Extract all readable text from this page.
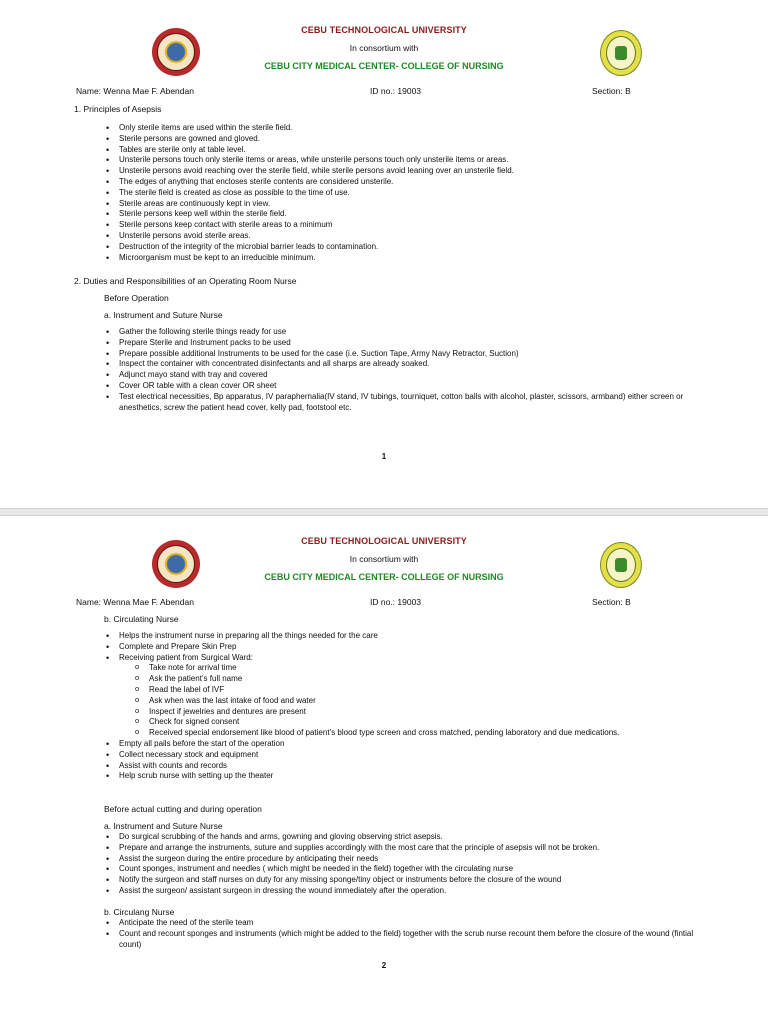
CEBU TECHNOLOGICAL UNIVERSITY
In consortium with
CEBU CITY MEDICAL CENTER- COLLEGE OF NURSING
Name: Wenna Mae F. Abendan	ID no.: 19003	Section: B
1. Principles of Asepsis
• Only sterile items are used within the sterile field.
• Sterile persons are gowned and gloved.
• Tables are sterile only at table level.
• Unsterile persons touch only sterile items or areas, while unsterile persons touch only unsterile items or areas.
• Unsterile persons avoid reaching over the sterile field, while sterile persons avoid leaning over an unsterile field.
• The edges of anything that encloses sterile contents are considered unsterile.
• The sterile field is created as close as possible to the time of use.
• Sterile areas are continuously kept in view.
• Sterile persons keep well within the sterile field.
• Sterile persons keep contact with sterile areas to a minimum
• Unsterile persons avoid sterile areas.
• Destruction of the integrity of the microbial barrier leads to contamination.
• Microorganism must be kept to an irreducible minimum.
2. Duties and Responsibilities of an Operating Room Nurse
Before Operation
a. Instrument and Suture Nurse
• Gather the following sterile things ready for use
• Prepare Sterile and Instrument packs to be used
• Prepare possible additional Instruments to be used for the case (i.e. Suction Tape, Army Navy Retractor, Suction)
• Inspect the container with concentrated disinfectants and all sharps are already soaked.
• Adjunct mayo stand with tray and covered
• Cover OR table with a clean cover OR sheet
• Test electrical necessities, Bp apparatus, IV paraphernalia(IV stand, IV tubings, tourniquet, cotton balls with alcohol, plaster, scissors, armband) either screen or anesthetics, screw the patient head cover, kelly pad, footstool etc.
1
CEBU TECHNOLOGICAL UNIVERSITY
In consortium with
CEBU CITY MEDICAL CENTER- COLLEGE OF NURSING
Name: Wenna Mae F. Abendan	ID no.: 19003	Section: B
b. Circulating Nurse
• Helps the instrument nurse in preparing all the things needed for the care
• Complete and Prepare Skin Prep
• Receiving patient from Surgical Ward:
o Take note for arrival time
o Ask the patient’s full name
o Read the label of IVF
o Ask when was the last intake of food and water
o Inspect if jewelries and dentures are present
o Check for signed consent
o Received special endorsement like blood of patient’s blood type screen and cross matched, pending laboratory and due medications.
• Empty all pails before the start of the operation
• Collect necessary stock and equipment
• Assist with counts and records
• Help scrub nurse with setting up the theater
Before actual cutting and during operation
a. Instrument and Suture Nurse
• Do surgical scrubbing of the hands and arms, gowning and gloving observing strict asepsis.
• Prepare and arrange the instruments, suture and supplies accordingly with the most care that the principle of asepsis will not be broken.
• Assist the surgeon during the entire procedure by anticipating their needs
• Count sponges, instrument and needles ( which might be needed in the field) together with the circulating nurse
• Notify the surgeon and staff nurses on duty for any missing sponge/tiny object or instruments before the closure of the wound
• Assist the surgeon/ assistant surgeon in dressing the wound immediately after the operation.
b. Circulang Nurse
• Anticipate the need of the sterile team
• Count and recount sponges and instruments (which might be added to the field) together with the scrub nurse recount them before the closure of the wound (fintial count)
2
